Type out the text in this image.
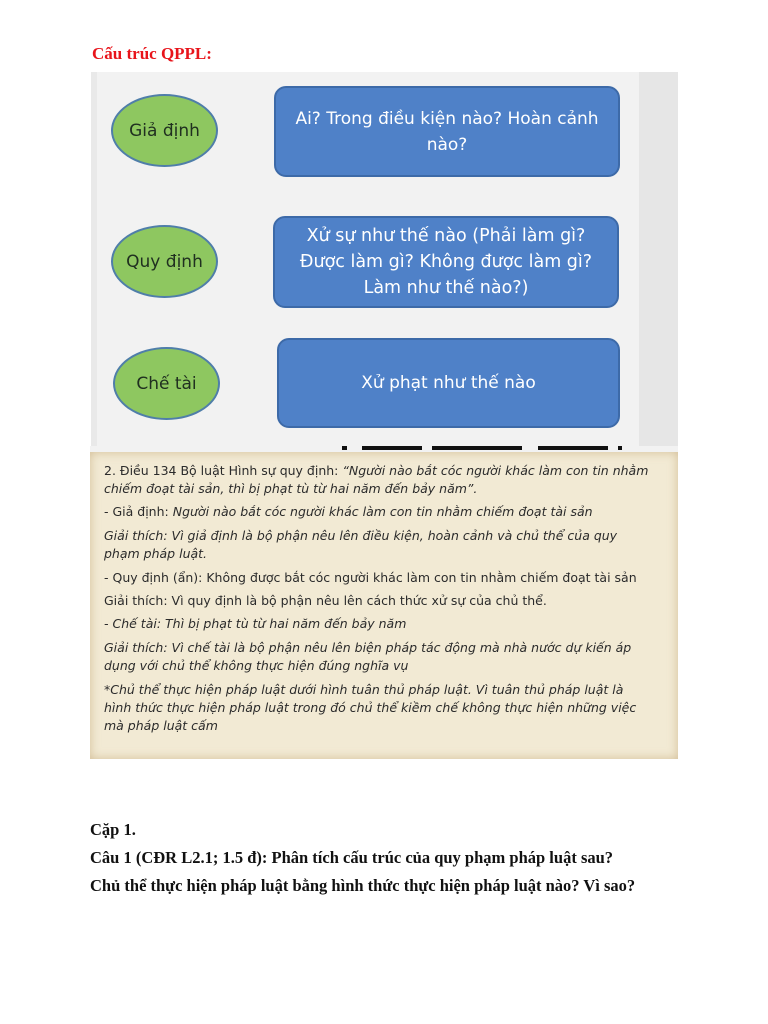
Cấu trúc QPPL:
Giả định
Ai? Trong điều kiện nào? Hoàn cảnh nào?
Quy định
Xử sự như thế nào (Phải làm gì?
Được làm gì? Không được làm gì?
Làm như thế nào?)
Chế tài	Xử phạt như thế nào
2. Điều 134 Bộ luật Hình sự quy định: “Người nào bắt cóc người khác làm con tin nhằm
chiếm đoạt tài sản, thì bị phạt tù từ hai năm đến bảy năm”.
- Giả định: Người nào bắt cóc người khác làm con tin nhằm chiếm đoạt tài sản
Giải thích: Vì giả định là bộ phận nêu lên điều kiện, hoàn cảnh và chủ thể của quy
phạm pháp luật.
- Quy định (ẩn): Không được bắt cóc người khác làm con tin nhằm chiếm đoạt tài sản
Giải thích: Vì quy định là bộ phận nêu lên cách thức xử sự của chủ thể.
- Chế tài: Thì bị phạt tù từ hai năm đến bảy năm
Giải thích: Vì chế tài là bộ phận nêu lên biện pháp tác động mà nhà nước dự kiến áp
dụng với chủ thể không thực hiện đúng nghĩa vụ
*Chủ thể thực hiện pháp luật dưới hình tuân thủ pháp luật. Vì tuân thủ pháp luật là
hình thức thực hiện pháp luật trong đó chủ thể kiềm chế không thực hiện những việc
mà pháp luật cấm
Cặp 1.
Câu 1 (CĐR L2.1; 1.5 đ): Phân tích cấu trúc của quy phạm pháp luật sau?
Chủ thể thực hiện pháp luật bằng hình thức thực hiện pháp luật nào? Vì sao?
